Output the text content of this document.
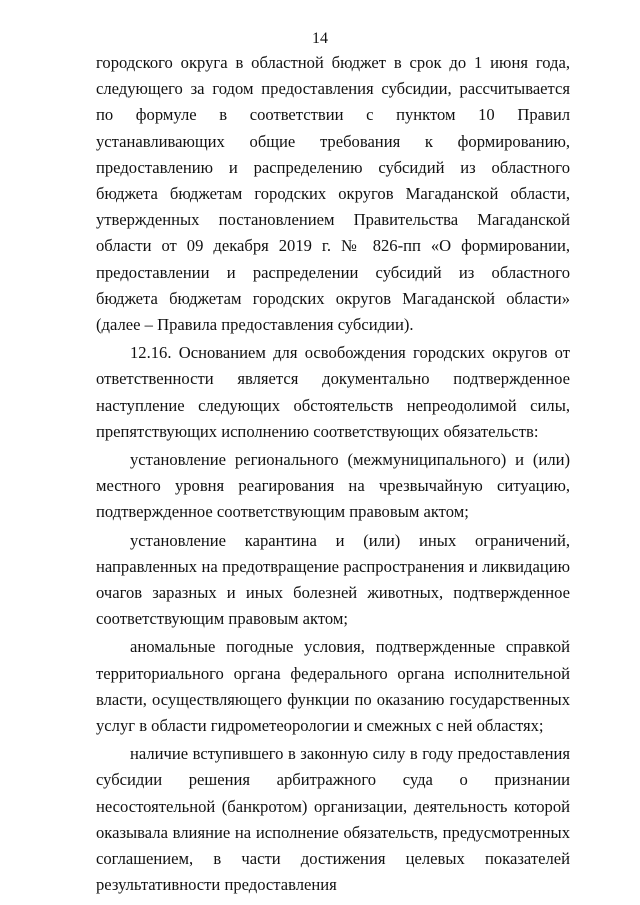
14

городского округа в областной бюджет в срок до 1 июня года, следующего за годом предоставления субсидии, рассчитывается по формуле в соответствии с пунктом 10 Правил устанавливающих общие требования к формированию, предоставлению и распределению субсидий из областного бюджета бюджетам городских округов Магаданской области, утвержденных постановлением Правительства Магаданской области от 09 декабря 2019 г. № 826-пп «О формировании, предоставлении и распределении субсидий из областного бюджета бюджетам городских округов Магаданской области» (далее – Правила предоставления субсидии).

12.16. Основанием для освобождения городских округов от ответственности является документально подтвержденное наступление следующих обстоятельств непреодолимой силы, препятствующих исполнению соответствующих обязательств:

установление регионального (межмуниципального) и (или) местного уровня реагирования на чрезвычайную ситуацию, подтвержденное соответствующим правовым актом;

установление карантина и (или) иных ограничений, направленных на предотвращение распространения и ликвидацию очагов заразных и иных болезней животных, подтвержденное соответствующим правовым актом;

аномальные погодные условия, подтвержденные справкой территориального органа федерального органа исполнительной власти, осуществляющего функции по оказанию государственных услуг в области гидрометеорологии и смежных с ней областях;

наличие вступившего в законную силу в году предоставления субсидии решения арбитражного суда о признании несостоятельной (банкротом) организации, деятельность которой оказывала влияние на исполнение обязательств, предусмотренных соглашением, в части достижения целевых показателей результативности предоставления
